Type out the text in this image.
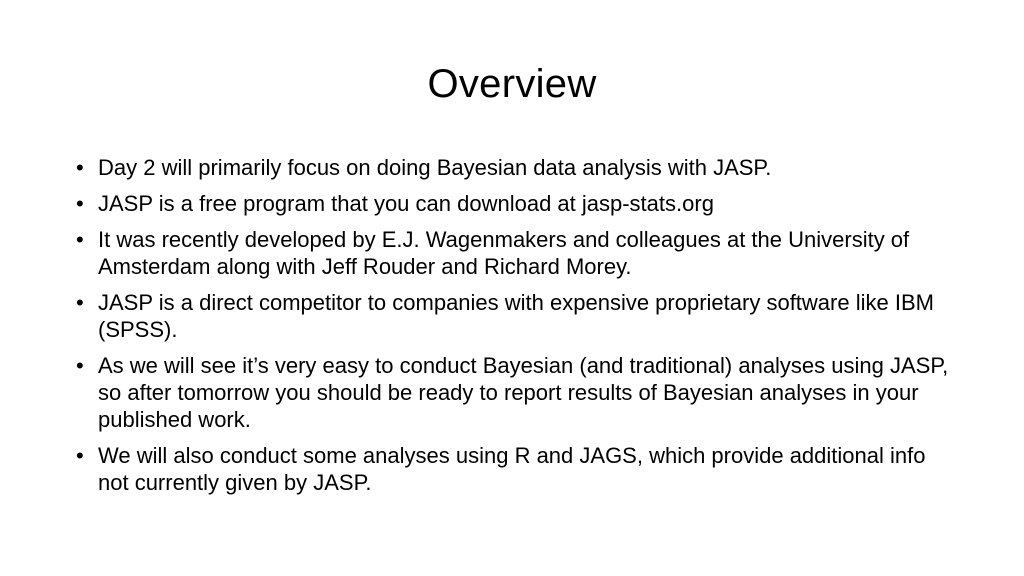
Overview
• Day 2 will primarily focus on doing Bayesian data analysis with JASP.
• JASP is a free program that you can download at jasp-stats.org
• It was recently developed by E.J. Wagenmakers and colleagues at the University of Amsterdam along with Jeff Rouder and Richard Morey.
• JASP is a direct competitor to companies with expensive proprietary software like IBM (SPSS).
• As we will see it’s very easy to conduct Bayesian (and traditional) analyses using JASP, so after tomorrow you should be ready to report results of Bayesian analyses in your published work.
• We will also conduct some analyses using R and JAGS, which provide additional info not currently given by JASP.
